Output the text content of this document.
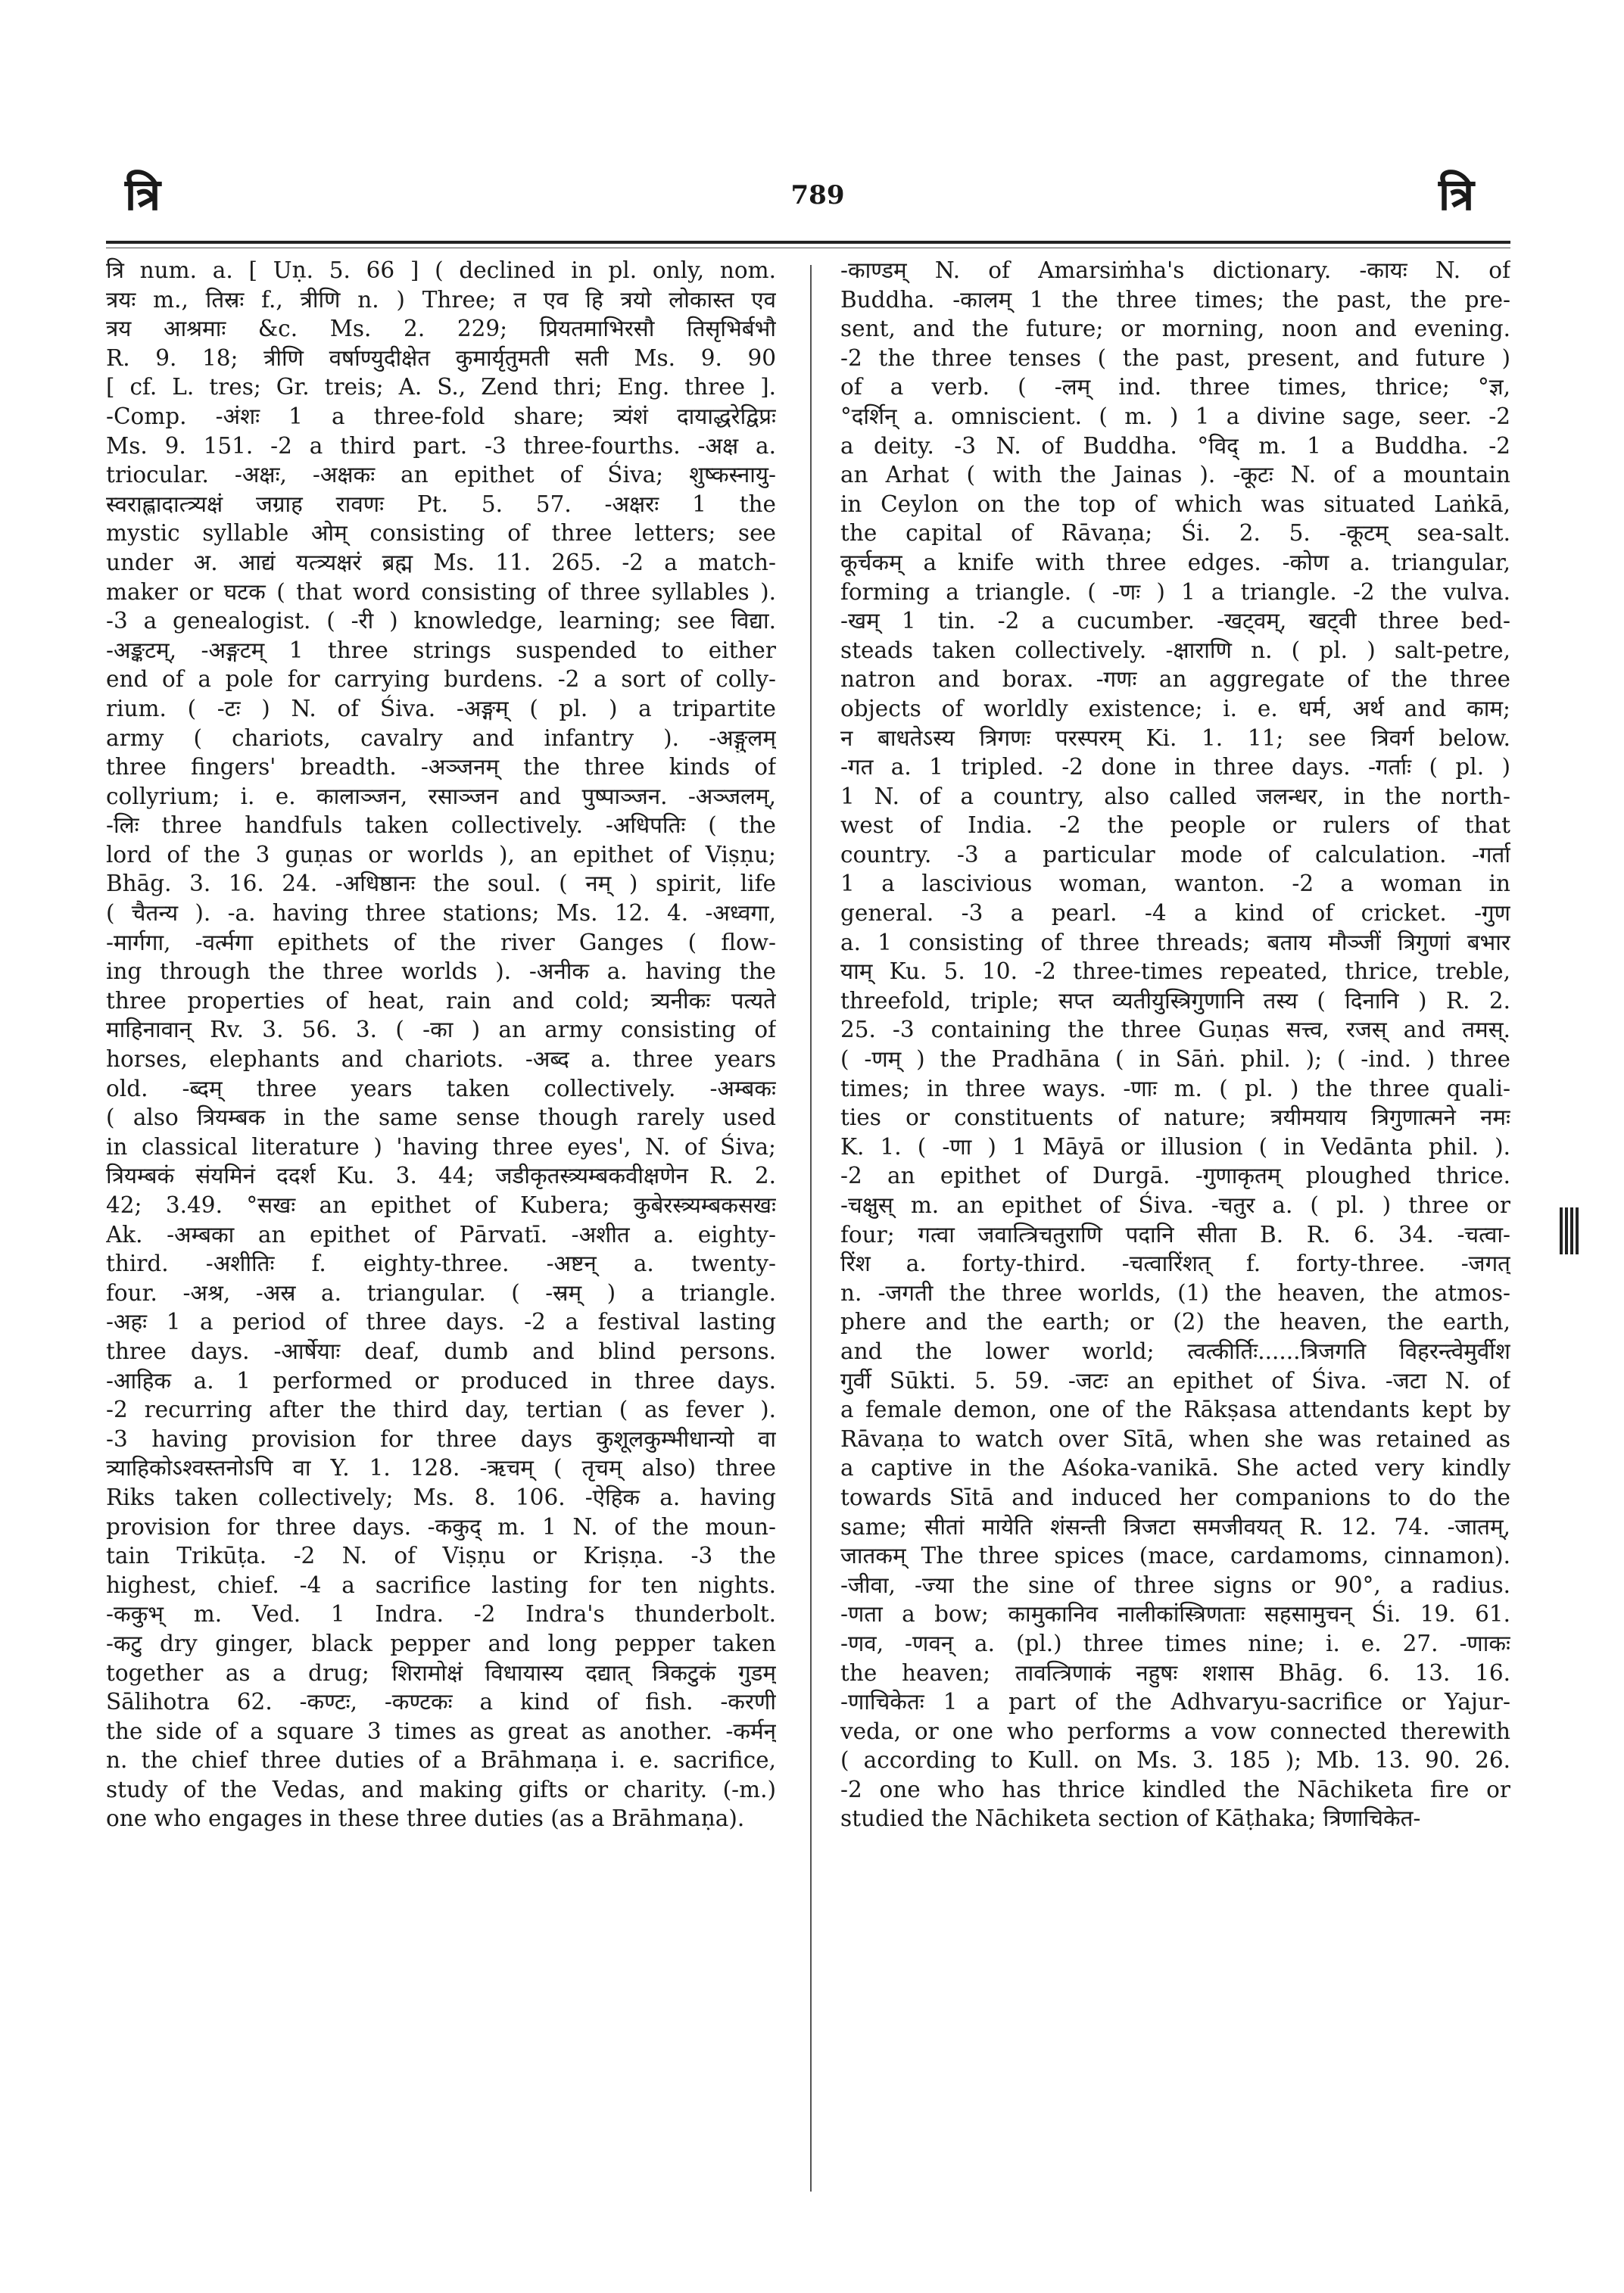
त्रि	789	त्रि
त्रि num. a. [ Uṇ. 5. 66 ] ( declined in pl. only, nom.
त्रयः m., तिस्रः f., त्रीणि n. ) Three; त एव हि त्रयो लोकास्त एव
त्रय आश्रमाः &c. Ms. 2. 229; प्रियतमाभिरसौ तिसृभिर्बभौ
R. 9. 18; त्रीणि वर्षाण्युदीक्षेत कुमार्यृतुमती सती Ms. 9. 90
[ cf. L. tres; Gr. treis; A. S., Zend thri; Eng. three ].
-Comp. -अंशः 1 a three-fold share; त्र्यंशं दायाद्धरेद्विप्रः
Ms. 9. 151. -2 a third part. -3 three-fourths. -अक्ष a.
triocular. -अक्षः, -अक्षकः an epithet of Śiva; शुष्कस्नायु-
स्वराह्लादात्त्र्यक्षं जग्राह रावणः Pt. 5. 57. -अक्षरः 1 the
mystic syllable ओम् consisting of three letters; see
under अ. आद्यं यत्त्र्यक्षरं ब्रह्म Ms. 11. 265. -2 a match-
maker or घटक ( that word consisting of three syllables ).
-3 a genealogist. ( -री ) knowledge, learning; see विद्या.
-अङ्कटम्, -अङ्गटम् 1 three strings suspended to either
end of a pole for carrying burdens. -2 a sort of colly-
rium. ( -टः ) N. of Śiva. -अङ्गम् ( pl. ) a tripartite
army ( chariots, cavalry and infantry ). -अङ्गुलम्
three fingers' breadth. -अञ्जनम् the three kinds of
collyrium; i. e. कालाञ्जन, रसाञ्जन and पुष्पाञ्जन. -अञ्जलम्,
-लिः three handfuls taken collectively. -अधिपतिः ( the
lord of the 3 guṇas or worlds ), an epithet of Viṣṇu;
Bhāg. 3. 16. 24. -अधिष्ठानः the soul. ( नम् ) spirit, life
( चैतन्य ). -a. having three stations; Ms. 12. 4. -अध्वगा,
-मार्गगा, -वर्त्मगा epithets of the river Ganges ( flow-
ing through the three worlds ). -अनीक a. having the
three properties of heat, rain and cold; त्र्यनीकः पत्यते
माहिनावान् Rv. 3. 56. 3. ( -का ) an army consisting of
horses, elephants and chariots. -अब्द a. three years
old. -ब्दम् three years taken collectively. -अम्बकः
( also त्रियम्बक in the same sense though rarely used
in classical literature ) 'having three eyes', N. of Śiva;
त्रियम्बकं संयमिनं ददर्श Ku. 3. 44; जडीकृतस्त्र्यम्बकवीक्षणेन R. 2.
42; 3.49. °सखः an epithet of Kubera; कुबेरस्त्र्यम्बकसखः
Ak. -अम्बका an epithet of Pārvatī. -अशीत a. eighty-
third. -अशीतिः f. eighty-three. -अष्टन् a. twenty-
four. -अश्र, -अस्र a. triangular. ( -स्रम् ) a triangle.
-अहः 1 a period of three days. -2 a festival lasting
three days. -आर्षेयाः deaf, dumb and blind persons.
-आहिक a. 1 performed or produced in three days.
-2 recurring after the third day, tertian ( as fever ).
-3 having provision for three days कुशूलकुम्भीधान्यो वा
त्र्याहिकोऽश्वस्तनोऽपि वा Y. 1. 128. -ऋचम् ( तृचम् also) three
Riks taken collectively; Ms. 8. 106. -ऐहिक a. having
provision for three days. -ककुद् m. 1 N. of the moun-
tain Trikūṭa. -2 N. of Viṣṇu or Kriṣṇa. -3 the
highest, chief. -4 a sacrifice lasting for ten nights.
-ककुभ् m. Ved. 1 Indra. -2 Indra's thunderbolt.
-कटु dry ginger, black pepper and long pepper taken
together as a drug; शिरामोक्षं विधायास्य दद्यात् त्रिकटुकं गुडम्
Sālihotra 62. -कण्टः, -कण्टकः a kind of fish. -करणी
the side of a square 3 times as great as another. -कर्मन्
n. the chief three duties of a Brāhmaṇa i. e. sacrifice,
study of the Vedas, and making gifts or charity. (-m.)
one who engages in these three duties (as a Brāhmaṇa).
-काण्डम् N. of Amarsiṁha's dictionary. -कायः N. of
Buddha. -कालम् 1 the three times; the past, the pre-
sent, and the future; or morning, noon and evening.
-2 the three tenses ( the past, present, and future )
of a verb. ( -लम् ind. three times, thrice; °ज्ञ,
°दर्शिन् a. omniscient. ( m. ) 1 a divine sage, seer. -2
a deity. -3 N. of Buddha. °विद् m. 1 a Buddha. -2
an Arhat ( with the Jainas ). -कूटः N. of a mountain
in Ceylon on the top of which was situated Laṅkā,
the capital of Rāvaṇa; Śi. 2. 5. -कूटम् sea-salt.
कूर्चकम् a knife with three edges. -कोण a. triangular,
forming a triangle. ( -णः ) 1 a triangle. -2 the vulva.
-खम् 1 tin. -2 a cucumber. -खट्वम्, खट्वी three bed-
steads taken collectively. -क्षाराणि n. ( pl. ) salt-petre,
natron and borax. -गणः an aggregate of the three
objects of worldly existence; i. e. धर्म, अर्थ and काम;
न बाधतेऽस्य त्रिगणः परस्परम् Ki. 1. 11; see त्रिवर्ग below.
-गत a. 1 tripled. -2 done in three days. -गर्ताः ( pl. )
1 N. of a country, also called जलन्धर, in the north-
west of India. -2 the people or rulers of that
country. -3 a particular mode of calculation. -गर्ता
1 a lascivious woman, wanton. -2 a woman in
general. -3 a pearl. -4 a kind of cricket. -गुण
a. 1 consisting of three threads; बताय मौञ्जीं त्रिगुणां बभार
याम् Ku. 5. 10. -2 three-times repeated, thrice, treble,
threefold, triple; सप्त व्यतीयुस्त्रिगुणानि तस्य ( दिनानि ) R. 2.
25. -3 containing the three Guṇas सत्त्व, रजस् and तमस्.
( -णम् ) the Pradhāna ( in Sāṅ. phil. ); ( -ind. ) three
times; in three ways. -णाः m. ( pl. ) the three quali-
ties or constituents of nature; त्रयीमयाय त्रिगुणात्मने नमः
K. 1. ( -णा ) 1 Māyā or illusion ( in Vedānta phil. ).
-2 an epithet of Durgā. -गुणाकृतम् ploughed thrice.
-चक्षुस् m. an epithet of Śiva. -चतुर a. ( pl. ) three or
four; गत्वा जवात्त्रिचतुराणि पदानि सीता B. R. 6. 34. -चत्वा-
रिंश a. forty-third. -चत्वारिंशत् f. forty-three. -जगत्
n. -जगती the three worlds, (1) the heaven, the atmos-
phere and the earth; or (2) the heaven, the earth,
and the lower world; त्वत्कीर्तिः......त्रिजगति विहरन्त्वेमुर्वीश
गुर्वी Sūkti. 5. 59. -जटः an epithet of Śiva. -जटा N. of
a female demon, one of the Rākṣasa attendants kept by
Rāvaṇa to watch over Sītā, when she was retained as
a captive in the Aśoka-vanikā. She acted very kindly
towards Sītā and induced her companions to do the
same; सीतां मायेति शंसन्ती त्रिजटा समजीवयत् R. 12. 74. -जातम्,
जातकम् The three spices (mace, cardamoms, cinnamon).
-जीवा, -ज्या the sine of three signs or 90°, a radius.
-णता a bow; कामुकानिव नालीकांस्त्रिणताः सहसामुचन् Śi. 19. 61.
-णव, -णवन् a. (pl.) three times nine; i. e. 27. -णाकः
the heaven; तावत्त्रिणाकं नहुषः शशास Bhāg. 6. 13. 16.
-णाचिकेतः 1 a part of the Adhvaryu-sacrifice or Yajur-
veda, or one who performs a vow connected therewith
( according to Kull. on Ms. 3. 185 ); Mb. 13. 90. 26.
-2 one who has thrice kindled the Nāchiketa fire or
studied the Nāchiketa section of Kāṭhaka; त्रिणाचिकेत-
